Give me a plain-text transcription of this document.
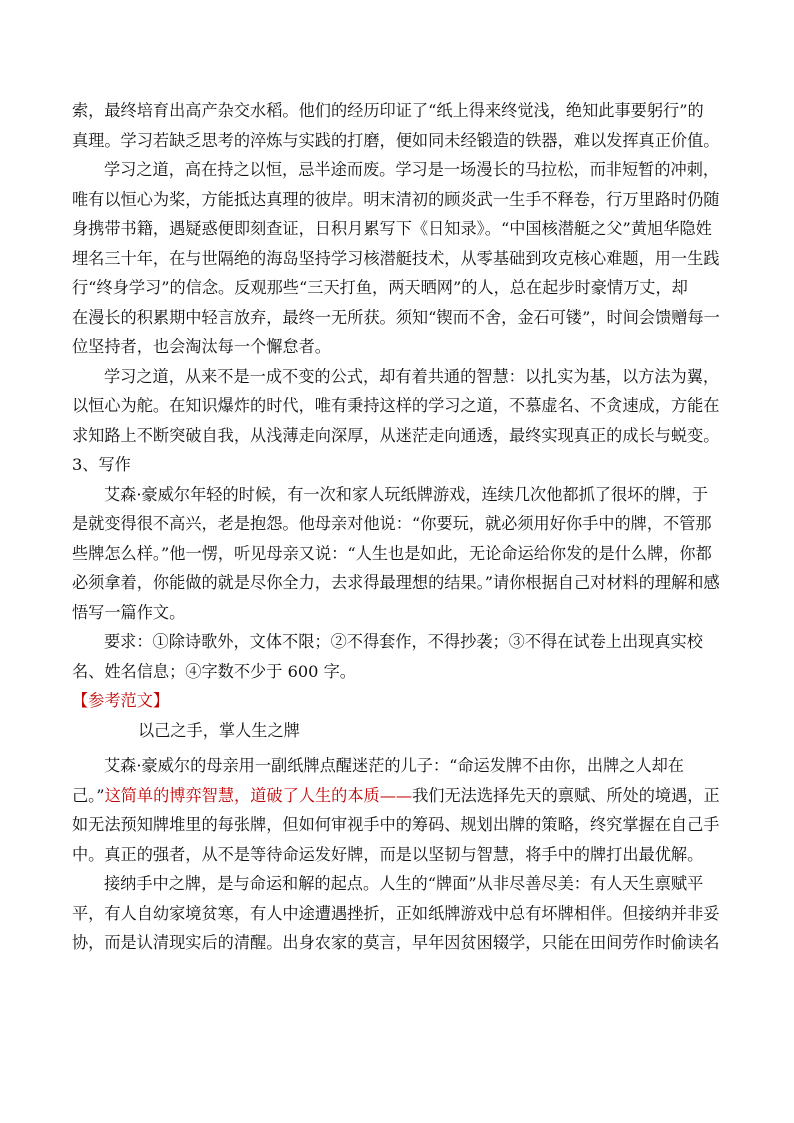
索，最终培育出高产杂交水稻。他们的经历印证了“纸上得来终觉浅，绝知此事要躬行”的
真理。学习若缺乏思考的淬炼与实践的打磨，便如同未经锻造的铁器，难以发挥真正价值。
学习之道，高在持之以恒，忌半途而废。学习是一场漫长的马拉松，而非短暂的冲刺，
唯有以恒心为桨，方能抵达真理的彼岸。明末清初的顾炎武一生手不释卷，行万里路时仍随
身携带书籍，遇疑惑便即刻查证，日积月累写下《日知录》。“中国核潜艇之父”黄旭华隐姓
埋名三十年，在与世隔绝的海岛坚持学习核潜艇技术，从零基础到攻克核心难题，用一生践
行“终身学习”的信念。反观那些“三天打鱼，两天晒网”的人，总在起步时豪情万丈，却
在漫长的积累期中轻言放弃，最终一无所获。须知“锲而不舍，金石可镂”，时间会馈赠每一
位坚持者，也会淘汰每一个懈怠者。
学习之道，从来不是一成不变的公式，却有着共通的智慧：以扎实为基，以方法为翼，
以恒心为舵。在知识爆炸的时代，唯有秉持这样的学习之道，不慕虚名、不贪速成，方能在
求知路上不断突破自我，从浅薄走向深厚，从迷茫走向通透，最终实现真正的成长与蜕变。
3、写作
艾森·豪威尔年轻的时候，有一次和家人玩纸牌游戏，连续几次他都抓了很坏的牌，于
是就变得很不高兴，老是抱怨。他母亲对他说：“你要玩，就必须用好你手中的牌，不管那
些牌怎么样。”他一愣，听见母亲又说：“人生也是如此，无论命运给你发的是什么牌，你都
必须拿着，你能做的就是尽你全力，去求得最理想的结果。”请你根据自己对材料的理解和感
悟写一篇作文。
要求：①除诗歌外，文体不限；②不得套作，不得抄袭；③不得在试卷上出现真实校
名、姓名信息；④字数不少于 600 字。
【参考范文】
以己之手，掌人生之牌
艾森·豪威尔的母亲用一副纸牌点醒迷茫的儿子：“命运发牌不由你，出牌之人却在
己。”这简单的博弈智慧，道破了人生的本质——我们无法选择先天的禀赋、所处的境遇，正
如无法预知牌堆里的每张牌，但如何审视手中的筹码、规划出牌的策略，终究掌握在自己手
中。真正的强者，从不是等待命运发好牌，而是以坚韧与智慧，将手中的牌打出最优解。
接纳手中之牌，是与命运和解的起点。人生的“牌面”从非尽善尽美：有人天生禀赋平
平，有人自幼家境贫寒，有人中途遭遇挫折，正如纸牌游戏中总有坏牌相伴。但接纳并非妥
协，而是认清现实后的清醒。出身农家的莫言，早年因贫困辍学，只能在田间劳作时偷读名
